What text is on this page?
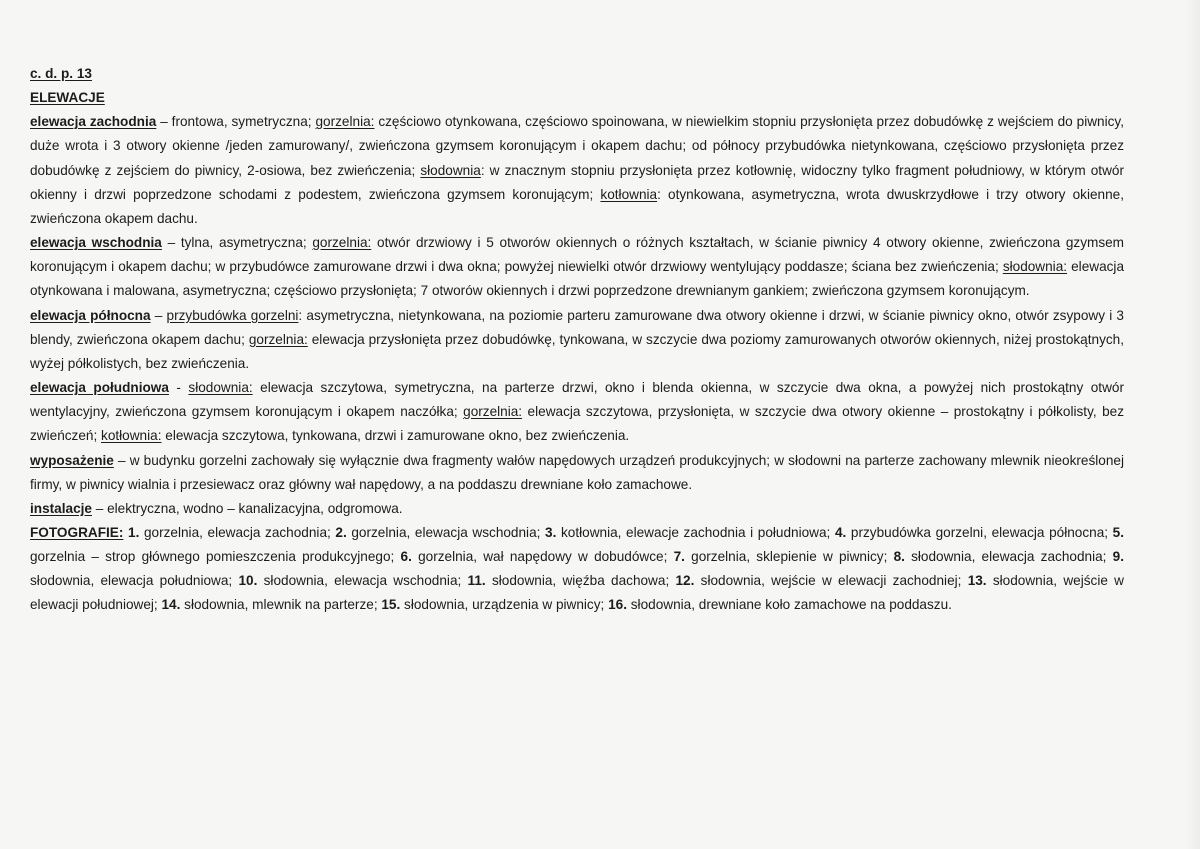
c. d. p. 13

ELEWACJE

elewacja zachodnia – frontowa, symetryczna; gorzelnia: częściowo otynkowana, częściowo spoinowana, w niewielkim stopniu przysłonięta przez dobudówkę z wejściem do piwnicy, duże wrota i 3 otwory okienne /jeden zamurowany/, zwieńczona gzymsem koronującym i okapem dachu; od północy przybudówka nietynkowana, częściowo przysłonięta przez dobudówkę z zejściem do piwnicy, 2-osiowa, bez zwieńczenia; słodownia: w znacznym stopniu przysłonięta przez kotłownię, widoczny tylko fragment południowy, w którym otwór okienny i drzwi poprzedzone schodami z podestem, zwieńczona gzymsem koronującym; kotłownia: otynkowana, asymetryczna, wrota dwuskrzydłowe i trzy otwory okienne, zwieńczona okapem dachu.

elewacja wschodnia – tylna, asymetryczna; gorzelnia: otwór drzwiowy i 5 otworów okiennych o różnych kształtach, w ścianie piwnicy 4 otwory okienne, zwieńczona gzymsem koronującym i okapem dachu; w przybudówce zamurowane drzwi i dwa okna; powyżej niewielki otwór drzwiowy wentylujący poddasze; ściana bez zwieńczenia; słodownia: elewacja otynkowana i malowana, asymetryczna; częściowo przysłonięta; 7 otworów okiennych i drzwi poprzedzone drewnianym gankiem; zwieńczona gzymsem koronującym.

elewacja północna – przybudówka gorzelni: asymetryczna, nietynkowana, na poziomie parteru zamurowane dwa otwory okienne i drzwi, w ścianie piwnicy okno, otwór zsypowy i 3 blendy, zwieńczona okapem dachu; gorzelnia: elewacja przysłonięta przez dobudówkę, tynkowana, w szczycie dwa poziomy zamurowanych otworów okiennych, niżej prostokątnych, wyżej półkolistych, bez zwieńczenia.

elewacja południowa - słodownia: elewacja szczytowa, symetryczna, na parterze drzwi, okno i blenda okienna, w szczycie dwa okna, a powyżej nich prostokątny otwór wentylacyjny, zwieńczona gzymsem koronującym i okapem naczółka; gorzelnia: elewacja szczytowa, przysłonięta, w szczycie dwa otwory okienne – prostokątny i półkolisty, bez zwieńczeń; kotłownia: elewacja szczytowa, tynkowana, drzwi i zamurowane okno, bez zwieńczenia.

wyposażenie – w budynku gorzelni zachowały się wyłącznie dwa fragmenty wałów napędowych urządzeń produkcyjnych; w słodowni na parterze zachowany mlewnik nieokreślonej firmy, w piwnicy wialnia i przesiewacz oraz główny wał napędowy, a na poddaszu drewniane koło zamachowe.

instalacje – elektryczna, wodno – kanalizacyjna, odgromowa.

FOTOGRAFIE: 1. gorzelnia, elewacja zachodnia; 2. gorzelnia, elewacja wschodnia; 3. kotłownia, elewacje zachodnia i południowa; 4. przybudówka gorzelni, elewacja północna; 5. gorzelnia – strop głównego pomieszczenia produkcyjnego; 6. gorzelnia, wał napędowy w dobudówce; 7. gorzelnia, sklepienie w piwnicy; 8. słodownia, elewacja zachodnia; 9. słodownia, elewacja południowa; 10. słodownia, elewacja wschodnia; 11. słodownia, więźba dachowa; 12. słodownia, wejście w elewacji zachodniej; 13. słodownia, wejście w elewacji południowej; 14. słodownia, mlewnik na parterze; 15. słodownia, urządzenia w piwnicy; 16. słodownia, drewniane koło zamachowe na poddaszu.
